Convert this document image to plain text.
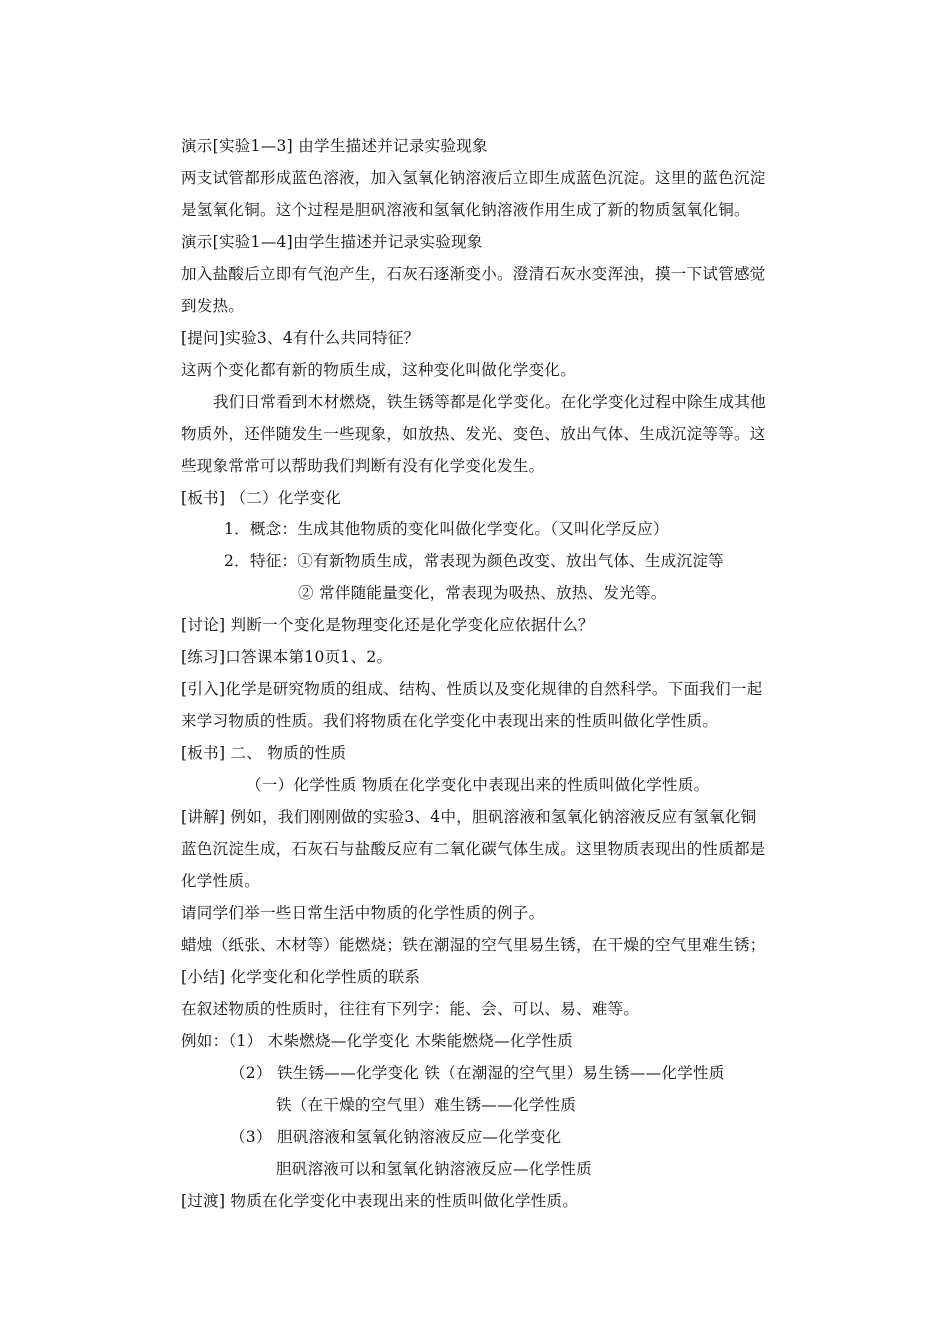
演示[实验1—3] 由学生描述并记录实验现象
两支试管都形成蓝色溶液，加入氢氧化钠溶液后立即生成蓝色沉淀。这里的蓝色沉淀
是氢氧化铜。这个过程是胆矾溶液和氢氧化钠溶液作用生成了新的物质氢氧化铜。
演示[实验1—4]由学生描述并记录实验现象
加入盐酸后立即有气泡产生，石灰石逐渐变小。澄清石灰水变浑浊，摸一下试管感觉
到发热。
[提问]实验3、4有什么共同特征？
这两个变化都有新的物质生成，这种变化叫做化学变化。
我们日常看到木材燃烧，铁生锈等都是化学变化。在化学变化过程中除生成其他
物质外，还伴随发生一些现象，如放热、发光、变色、放出气体、生成沉淀等等。这
些现象常常可以帮助我们判断有没有化学变化发生。
[板书] （二）化学变化
1．概念：生成其他物质的变化叫做化学变化。（又叫化学反应）
2．特征：①有新物质生成，常表现为颜色改变、放出气体、生成沉淀等
② 常伴随能量变化，常表现为吸热、放热、发光等。
[讨论] 判断一个变化是物理变化还是化学变化应依据什么？
[练习]口答课本第10页1、2。
[引入]化学是研究物质的组成、结构、性质以及变化规律的自然科学。下面我们一起
来学习物质的性质。我们将物质在化学变化中表现出来的性质叫做化学性质。
[板书] 二、 物质的性质
（一）化学性质 物质在化学变化中表现出来的性质叫做化学性质。
[讲解] 例如，我们刚刚做的实验3、4中，胆矾溶液和氢氧化钠溶液反应有氢氧化铜
蓝色沉淀生成，石灰石与盐酸反应有二氧化碳气体生成。这里物质表现出的性质都是
化学性质。
请同学们举一些日常生活中物质的化学性质的例子。
蜡烛（纸张、木材等）能燃烧；铁在潮湿的空气里易生锈，在干燥的空气里难生锈；
[小结] 化学变化和化学性质的联系
在叙述物质的性质时，往往有下列字：能、会、可以、易、难等。
例如：（1） 木柴燃烧—化学变化 木柴能燃烧—化学性质
（2） 铁生锈——化学变化 铁（在潮湿的空气里）易生锈——化学性质
铁（在干燥的空气里）难生锈——化学性质
（3） 胆矾溶液和氢氧化钠溶液反应—化学变化
胆矾溶液可以和氢氧化钠溶液反应—化学性质
[过渡] 物质在化学变化中表现出来的性质叫做化学性质。
